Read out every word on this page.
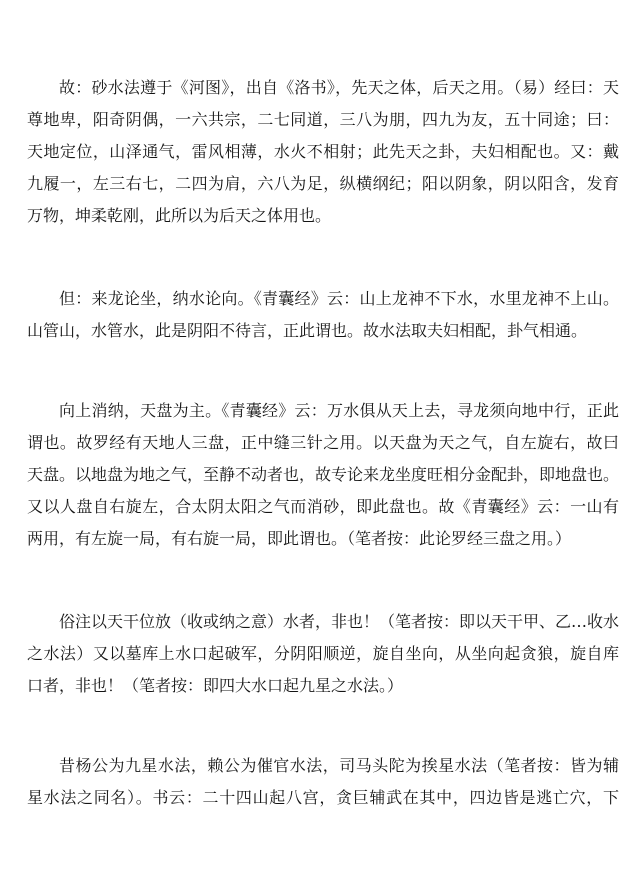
故：砂水法遵于《河图》，出自《洛书》，先天之体，后天之用。（易）经曰：天
尊地卑，阳奇阴偶，一六共宗，二七同道，三八为朋，四九为友，五十同途；曰：
天地定位，山泽通气，雷风相薄，水火不相射；此先天之卦，夫妇相配也。又：戴
九履一，左三右七，二四为肩，六八为足，纵横纲纪；阳以阴象，阴以阳含，发育
万物，坤柔乾刚，此所以为后天之体用也。
但：来龙论坐，纳水论向。《青囊经》云：山上龙神不下水，水里龙神不上山。
山管山，水管水，此是阴阳不待言，正此谓也。故水法取夫妇相配，卦气相通。
向上消纳，天盘为主。《青囊经》云：万水俱从天上去，寻龙须向地中行，正此
谓也。故罗经有天地人三盘，正中缝三针之用。以天盘为天之气，自左旋右，故曰
天盘。以地盘为地之气，至静不动者也，故专论来龙坐度旺相分金配卦，即地盘也。
又以人盘自右旋左，合太阴太阳之气而消砂，即此盘也。故《青囊经》云：一山有
两用，有左旋一局，有右旋一局，即此谓也。（笔者按：此论罗经三盘之用。）
俗注以天干位放（收或纳之意）水者，非也！（笔者按：即以天干甲、乙…收水
之水法）又以墓库上水口起破军，分阴阳顺逆，旋自坐向，从坐向起贪狼，旋自库
口者，非也！（笔者按：即四大水口起九星之水法。）
昔杨公为九星水法，赖公为催官水法，司马头陀为挨星水法（笔者按：皆为辅
星水法之同名）。书云：二十四山起八宫，贪巨辅武在其中，四边皆是逃亡穴，下
